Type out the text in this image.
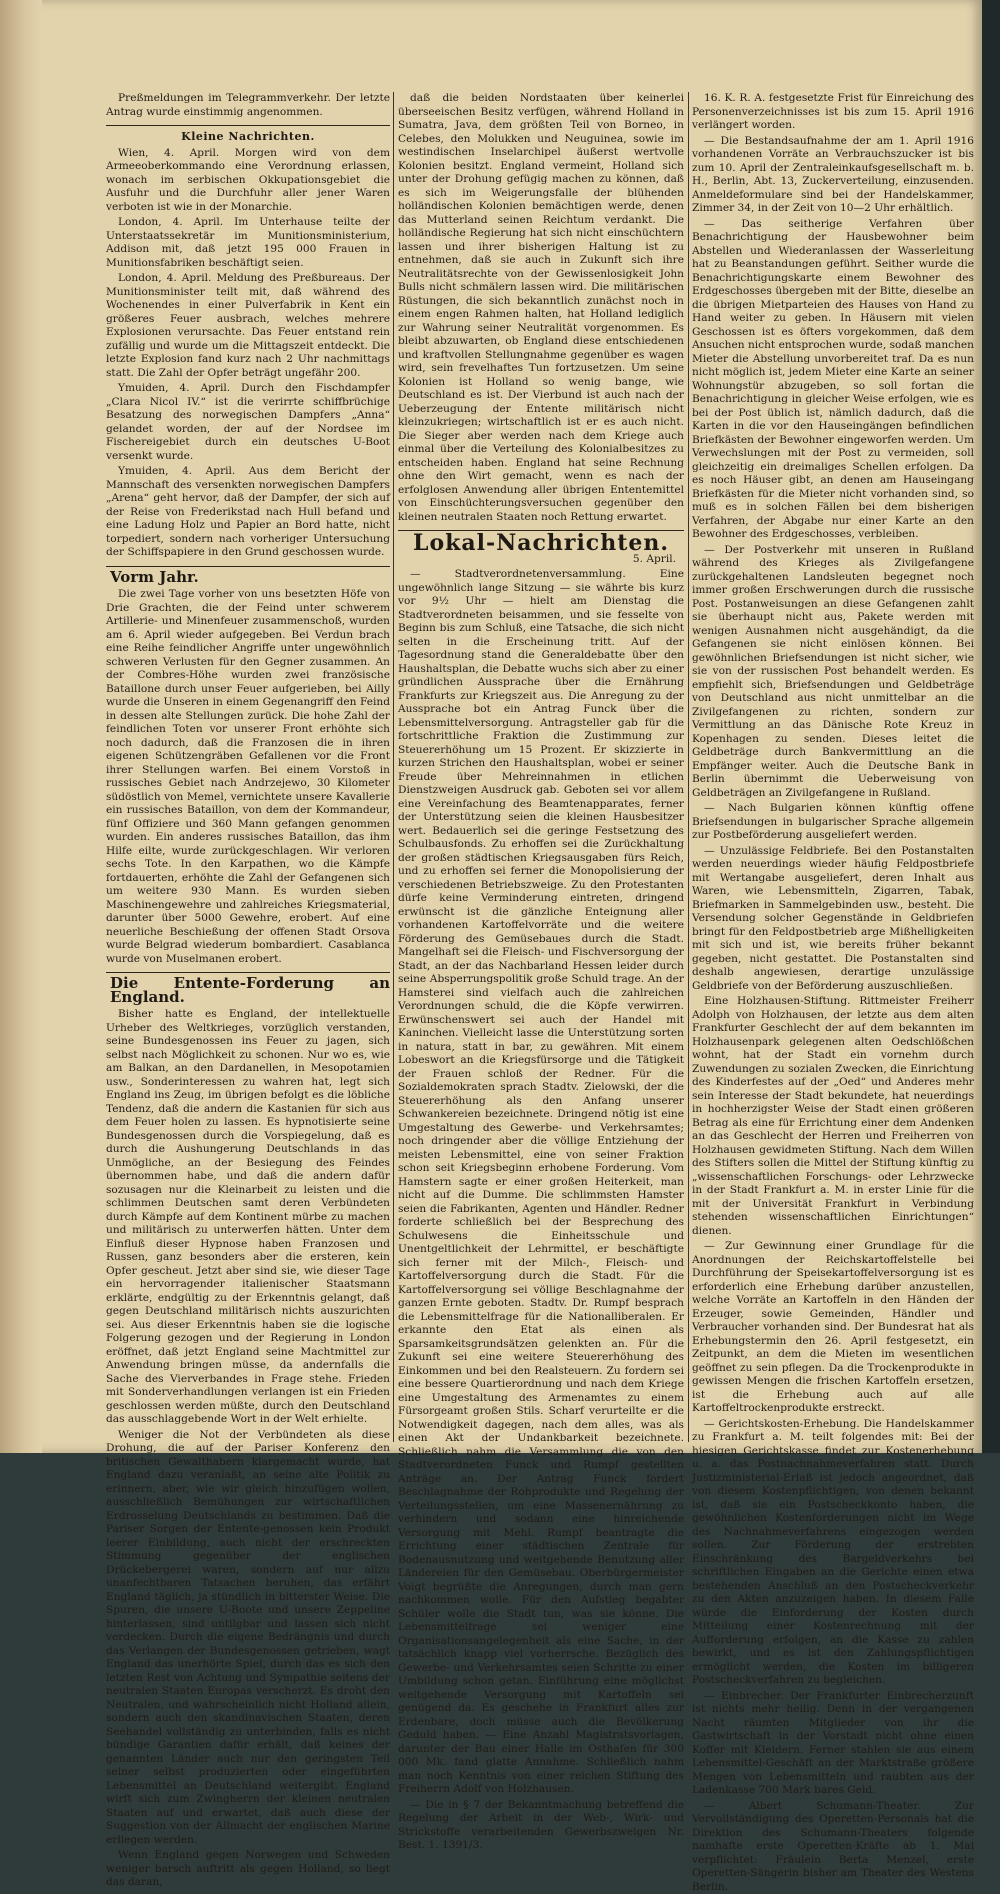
Preßmeldungen im Telegrammverkehr. Der letzte Antrag wurde einstimmig angenommen.

Kleine Nachrichten.

Wien, 4. April. Morgen wird von dem Armeeoberkommando eine Verordnung erlassen, wonach im serbischen Okkupationsgebiet die Ausfuhr und die Durchfuhr aller jener Waren verboten ist wie in der Monarchie.

London, 4. April. Im Unterhause teilte der Unterstaatssekretär im Munitionsministerium, Addison mit, daß jetzt 195 000 Frauen in Munitionsfabriken beschäftigt seien.

London, 4. April. Meldung des Preßbureaus. Der Munitionsminister teilt mit, daß während des Wochenendes in einer Pulverfabrik in Kent ein größeres Feuer ausbrach, welches mehrere Explosionen verursachte. Das Feuer entstand rein zufällig und wurde um die Mittagszeit entdeckt. Die letzte Explosion fand kurz nach 2 Uhr nachmittags statt. Die Zahl der Opfer beträgt ungefähr 200.

Ymuiden, 4. April. Durch den Fischdampfer „Clara Nicol IV.“ ist die verirrte schiffbrüchige Besatzung des norwegischen Dampfers „Anna“ gelandet worden, der auf der Nordsee im Fischereigebiet durch ein deutsches U-Boot versenkt wurde.

Ymuiden, 4. April. Aus dem Bericht der Mannschaft des versenkten norwegischen Dampfers „Arena“ geht hervor, daß der Dampfer, der sich auf der Reise von Frederikstad nach Hull befand und eine Ladung Holz und Papier an Bord hatte, nicht torpediert, sondern nach vorheriger Untersuchung der Schiffspapiere in den Grund geschossen wurde.

Vorm Jahr.

Die zwei Tage vorher von uns besetzten Höfe von Drie Grachten, die der Feind unter schwerem Artillerie- und Minenfeuer zusammenschoß, wurden am 6. April wieder aufgegeben. Bei Verdun brach eine Reihe feindlicher Angriffe unter ungewöhnlich schweren Verlusten für den Gegner zusammen. An der Combres-Höhe wurden zwei französische Bataillone durch unser Feuer aufgerieben, bei Ailly wurde die Unseren in einem Gegenangriff den Feind in dessen alte Stellungen zurück. Die hohe Zahl der feindlichen Toten vor unserer Front erhöhte sich noch dadurch, daß die Franzosen die in ihren eigenen Schützengräben Gefallenen vor die Front ihrer Stellungen warfen. Bei einem Vorstoß in russisches Gebiet nach Andrzejewo, 30 Kilometer südöstlich von Memel, vernichtete unsere Kavallerie ein russisches Bataillon, von dem der Kommandeur, fünf Offiziere und 360 Mann gefangen genommen wurden. Ein anderes russisches Bataillon, das ihm Hilfe eilte, wurde zurückgeschlagen. Wir verloren sechs Tote. In den Karpathen, wo die Kämpfe fortdauerten, erhöhte die Zahl der Gefangenen sich um weitere 930 Mann. Es wurden sieben Maschinengewehre und zahlreiches Kriegsmaterial, darunter über 5000 Gewehre, erobert. Auf eine neuerliche Beschießung der offenen Stadt Orsova wurde Belgrad wiederum bombardiert. Casablanca wurde von Muselmanen erobert.

Die Entente-Forderung an England.

Bisher hatte es England, der intellektuelle Urheber des Weltkrieges, vorzüglich verstanden, seine Bundesgenossen ins Feuer zu jagen, sich selbst nach Möglichkeit zu schonen. Nur wo es, wie am Balkan, an den Dardanellen, in Mesopotamien usw., Sonderinteressen zu wahren hat, legt sich England ins Zeug, im übrigen befolgt es die löbliche Tendenz, daß die andern die Kastanien für sich aus dem Feuer holen zu lassen. Es hypnotisierte seine Bundesgenossen durch die Vorspiegelung, daß es durch die Aushungerung Deutschlands in das Unmögliche, an der Besiegung des Feindes übernommen habe, und daß die andern dafür sozusagen nur die Kleinarbeit zu leisten und die schlimmen Deutschen samt deren Verbündeten durch Kämpfe auf dem Kontinent mürbe zu machen und militärisch zu unterwerfen hätten. Unter dem Einfluß dieser Hypnose haben Franzosen und Russen, ganz besonders aber die ersteren, kein Opfer gescheut. Jetzt aber sind sie, wie dieser Tage ein hervorragender italienischer Staatsmann erklärte, endgültig zu der Erkenntnis gelangt, daß gegen Deutschland militärisch nichts auszurichten sei. Aus dieser Erkenntnis haben sie die logische Folgerung gezogen und der Regierung in London eröffnet, daß jetzt England seine Machtmittel zur Anwendung bringen müsse, da andernfalls die Sache des Vierverbandes in Frage stehe. Frieden mit Sonderverhandlungen verlangen ist ein Frieden geschlossen werden müßte, durch den Deutschland das ausschlaggebende Wort in der Welt erhielte.

Weniger die Not der Verbündeten als diese Drohung, die auf der Pariser Konferenz den britischen Gewalthabern klargemacht wurde, hat England dazu veranlaßt, an seine alte Politik zu erinnern, aber, wie wir gleich hinzufügen wollen, ausschließlich Bemühungen zur wirtschaftlichen Erdrosselung Deutschlands zu bestimmen. Daß die Pariser Sorgen der Entente-genossen kein Produkt leerer Einbildung, auch nicht der erschreckten Stimmung gegenüber der englischen Drückebergerei waren, sondern auf nur allzu unanfechtbaren Tatsachen beruhen, das erfährt England täglich, ja stündlich in bitterster Weise. Die Spuren, die unsere U-Boote und unsere Zeppeline hinterlassen, sind untilgbar und lassen sich nicht verdecken. Durch die eigene Bedrängnis und durch das Verlangen der Bundesgenossen getrieben, wagt England das unerhörte Spiel, durch das es sich den letzten Rest von Achtung und Sympathie seitens der neutralen Staaten Europas verscherzt. Es droht den Neutralen, und wahrscheinlich nicht Holland allein, sondern auch den skandinavischen Staaten, deren Seehandel vollständig zu unterbinden, falls es nicht bündige Garantien dafür erhält, daß keines der genannten Länder auch nur den geringsten Teil seiner selbst produzierten oder eingeführten Lebensmittel an Deutschland weitergibt. England wirft sich zum Zwingherrn der kleinen neutralen Staaten auf und erwartet, daß auch diese der Suggestion von der Allmacht der englischen Marine erliegen werden.

Wenn England gegen Norwegen und Schweden weniger barsch auftritt als gegen Holland, so liegt das daran,

daß die beiden Nordstaaten über keinerlei überseeischen Besitz verfügen, während Holland in Sumatra, Java, dem größten Teil von Borneo, in Celebes, den Molukken und Neuguinea, sowie im westindischen Inselarchipel äußerst wertvolle Kolonien besitzt. England vermeint, Holland sich unter der Drohung gefügig machen zu können, daß es sich im Weigerungsfalle der blühenden holländischen Kolonien bemächtigen werde, denen das Mutterland seinen Reichtum verdankt. Die holländische Regierung hat sich nicht einschüchtern lassen und ihrer bisherigen Haltung ist zu entnehmen, daß sie auch in Zukunft sich ihre Neutralitätsrechte von der Gewissenlosigkeit John Bulls nicht schmälern lassen wird. Die militärischen Rüstungen, die sich bekanntlich zunächst noch in einem engen Rahmen halten, hat Holland lediglich zur Wahrung seiner Neutralität vorgenommen. Es bleibt abzuwarten, ob England diese entschiedenen und kraftvollen Stellungnahme gegenüber es wagen wird, sein frevelhaftes Tun fortzusetzen. Um seine Kolonien ist Holland so wenig bange, wie Deutschland es ist. Der Vierbund ist auch nach der Ueberzeugung der Entente militärisch nicht kleinzukriegen; wirtschaftlich ist er es auch nicht. Die Sieger aber werden nach dem Kriege auch einmal über die Verteilung des Kolonialbesitzes zu entscheiden haben. England hat seine Rechnung ohne den Wirt gemacht, wenn es nach der erfolglosen Anwendung aller übrigen Ententemittel von Einschüchterungsversuchen gegenüber den kleinen neutralen Staaten noch Rettung erwartet.

Lokal-Nachrichten.
5. April.

— Stadtverordnetenversammlung. Eine ungewöhnlich lange Sitzung — sie währte bis kurz vor 9½ Uhr — hielt am Dienstag die Stadtverordneten beisammen, und sie fesselte von Beginn bis zum Schluß, eine Tatsache, die sich nicht selten in die Erscheinung tritt. Auf der Tagesordnung stand die Generaldebatte über den Haushaltsplan, die Debatte wuchs sich aber zu einer gründlichen Aussprache über die Ernährung Frankfurts zur Kriegszeit aus. Die Anregung zu der Aussprache bot ein Antrag Funck über die Lebensmittelversorgung. Antragsteller gab für die fortschrittliche Fraktion die Zustimmung zur Steuererhöhung um 15 Prozent. Er skizzierte in kurzen Strichen den Haushaltsplan, wobei er seiner Freude über Mehreinnahmen in etlichen Dienstzweigen Ausdruck gab. Geboten sei vor allem eine Vereinfachung des Beamtenapparates, ferner der Unterstützung seien die kleinen Hausbesitzer wert. Bedauerlich sei die geringe Festsetzung des Schulbausfonds. Zu erhoffen sei die Zurückhaltung der großen städtischen Kriegsausgaben fürs Reich, und zu erhoffen sei ferner die Monopolisierung der verschiedenen Betriebszweige. Zu den Protestanten dürfe keine Verminderung eintreten, dringend erwünscht ist die gänzliche Enteignung aller vorhandenen Kartoffelvorräte und die weitere Förderung des Gemüsebaues durch die Stadt. Mangelhaft sei die Fleisch- und Fischversorgung der Stadt, an der das Nachbarland Hessen leider durch seine Absperrungspolitik große Schuld trage. An der Hamsterei sind vielfach auch die zahlreichen Verordnungen schuld, die die Köpfe verwirren. Erwünschenswert sei auch der Handel mit Kaninchen. Vielleicht lasse die Unterstützung sorten in natura, statt in bar, zu gewähren. Mit einem Lobeswort an die Kriegsfürsorge und die Tätigkeit der Frauen schloß der Redner. Für die Sozialdemokraten sprach Stadtv. Zielowski, der die Steuererhöhung als den Anfang unserer Schwankereien bezeichnete. Dringend nötig ist eine Umgestaltung des Gewerbe- und Verkehrsamtes; noch dringender aber die völlige Entziehung der meisten Lebensmittel, eine von seiner Fraktion schon seit Kriegsbeginn erhobene Forderung. Vom Hamstern sagte er einer großen Heiterkeit, man nicht auf die Dumme. Die schlimmsten Hamster seien die Fabrikanten, Agenten und Händler. Redner forderte schließlich bei der Besprechung des Schulwesens die Einheitsschule und Unentgeltlichkeit der Lehrmittel, er beschäftigte sich ferner mit der Milch-, Fleisch- und Kartoffelversorgung durch die Stadt. Für die Kartoffelversorgung sei völlige Beschlagnahme der ganzen Ernte geboten. Stadtv. Dr. Rumpf besprach die Lebensmittelfrage für die Nationalliberalen. Er erkannte den Etat als einen als Sparsamkeitsgrundsätzen gelenkten an. Für die Zukunft sei eine weitere Steuererhöhung des Einkommen und bei den Realsteuern. Zu fordern sei eine bessere Quartierordnung und nach dem Kriege eine Umgestaltung des Armenamtes zu einem Fürsorgeamt großen Stils. Scharf verurteilte er die Notwendigkeit dagegen, nach dem alles, was als einen Akt der Undankbarkeit bezeichnete. Schließlich nahm die Versammlung die von den Stadtverordneten Funck und Rumpf gestellten Anträge an. Der Antrag Funck fordert Beschlagnahme der Rohprodukte und Regelung der Verteilungsstellen, um eine Massenernährung zu verhindern und sodann eine hinreichende Versorgung mit Mehl. Rumpf beantragte die Errichtung einer städtischen Zentrale für Bodenausnutzung und weitgehende Benutzung aller Ländereien für den Gemüsebau. Oberbürgermeister Voigt begrüßte die Anregungen, durch man gern nachkommen wolle. Für den Aufstieg begabter Schüler wolle die Stadt tun, was sie könne. Die Lebensmittelfrage sei weniger eine Organisationsangelegenheit als eine Sache, in der tatsächlich knapp viel vorherrsche. Bezüglich des Gewerbe- und Verkehrsamtes seien Schritte zu einer Umbildung schon getan. Einführung eine möglichst weitgehende Versorgung mit Kartoffeln sei genügend da. Es geschehe in Frankfurt alles zur Erdenbare, doch müsse auch die Bevölkerung Geduld haben. — Eine Anzahl Magistratsvorlagen, darunter der Bau einer Halle im Osthafen für 300 000 Mk. fand glatte Annahme. Schließlich nahm man noch Kenntnis von einer reichen Stiftung des Freiherrn Adolf von Holzhausen.

— Die in § 7 der Bekanntmachung betreffend die Regelung der Arbeit in der Web-, Wirk- und Strickstoffe verarbeitenden Gewerbszweigen Nr. Best. 1. 1391/3.

16. K. R. A. festgesetzte Frist für Einreichung des Personenverzeichnisses ist bis zum 15. April 1916 verlängert worden.

— Die Bestandsaufnahme der am 1. April 1916 vorhandenen Vorräte an Verbrauchszucker ist bis zum 10. April der Zentraleinkaufsgesellschaft m. b. H., Berlin, Abt. 13, Zuckerverteilung, einzusenden. Anmeldeformulare sind bei der Handelskammer, Zimmer 34, in der Zeit von 10—2 Uhr erhältlich.

— Das seitherige Verfahren über Benachrichtigung der Hausbewohner beim Abstellen und Wiederanlassen der Wasserleitung hat zu Beanstandungen geführt. Seither wurde die Benachrichtigungskarte einem Bewohner des Erdgeschosses übergeben mit der Bitte, dieselbe an die übrigen Mietparteien des Hauses von Hand zu Hand weiter zu geben. In Häusern mit vielen Geschossen ist es öfters vorgekommen, daß dem Ansuchen nicht entsprochen wurde, sodaß manchen Mieter die Abstellung unvorbereitet traf. Da es nun nicht möglich ist, jedem Mieter eine Karte an seiner Wohnungstür abzugeben, so soll fortan die Benachrichtigung in gleicher Weise erfolgen, wie es bei der Post üblich ist, nämlich dadurch, daß die Karten in die vor den Hauseingängen befindlichen Briefkästen der Bewohner eingeworfen werden. Um Verwechslungen mit der Post zu vermeiden, soll gleichzeitig ein dreimaliges Schellen erfolgen. Da es noch Häuser gibt, an denen am Hauseingang Briefkästen für die Mieter nicht vorhanden sind, so muß es in solchen Fällen bei dem bisherigen Verfahren, der Abgabe nur einer Karte an den Bewohner des Erdgeschosses, verbleiben.

— Der Postverkehr mit unseren in Rußland während des Krieges als Zivilgefangene zurückgehaltenen Landsleuten begegnet noch immer großen Erschwerungen durch die russische Post. Postanweisungen an diese Gefangenen zahlt sie überhaupt nicht aus, Pakete werden mit wenigen Ausnahmen nicht ausgehändigt, da die Gefangenen sie nicht einlösen können. Bei gewöhnlichen Briefsendungen ist nicht sicher, wie sie von der russischen Post behandelt werden. Es empfiehlt sich, Briefsendungen und Geldbeträge von Deutschland aus nicht unmittelbar an die Zivilgefangenen zu richten, sondern zur Vermittlung an das Dänische Rote Kreuz in Kopenhagen zu senden. Dieses leitet die Geldbeträge durch Bankvermittlung an die Empfänger weiter. Auch die Deutsche Bank in Berlin übernimmt die Ueberweisung von Geldbeträgen an Zivilgefangene in Rußland.

— Nach Bulgarien können künftig offene Briefsendungen in bulgarischer Sprache allgemein zur Postbeförderung ausgeliefert werden.

— Unzulässige Feldbriefe. Bei den Postanstalten werden neuerdings wieder häufig Feldpostbriefe mit Wertangabe ausgeliefert, deren Inhalt aus Waren, wie Lebensmitteln, Zigarren, Tabak, Briefmarken in Sammelgebinden usw., besteht. Die Versendung solcher Gegenstände in Geldbriefen bringt für den Feldpostbetrieb arge Mißhelligkeiten mit sich und ist, wie bereits früher bekannt gegeben, nicht gestattet. Die Postanstalten sind deshalb angewiesen, derartige unzulässige Geldbriefe von der Beförderung auszuschließen.

Eine Holzhausen-Stiftung. Rittmeister Freiherr Adolph von Holzhausen, der letzte aus dem alten Frankfurter Geschlecht der auf dem bekannten im Holzhausenpark gelegenen alten Oedschlößchen wohnt, hat der Stadt ein vornehm durch Zuwendungen zu sozialen Zwecken, die Einrichtung des Kinderfestes auf der „Oed“ und Anderes mehr sein Interesse der Stadt bekundete, hat neuerdings in hochherzigster Weise der Stadt einen größeren Betrag als eine für Errichtung einer dem Andenken an das Geschlecht der Herren und Freiherren von Holzhausen gewidmeten Stiftung. Nach dem Willen des Stifters sollen die Mittel der Stiftung künftig zu „wissenschaftlichen Forschungs- oder Lehrzwecke in der Stadt Frankfurt a. M. in erster Linie für die mit der Universität Frankfurt in Verbindung stehenden wissenschaftlichen Einrichtungen“ dienen.

— Zur Gewinnung einer Grundlage für die Anordnungen der Reichskartoffelstelle bei Durchführung der Speisekartoffelversorgung ist es erforderlich eine Erhebung darüber anzustellen, welche Vorräte an Kartoffeln in den Händen der Erzeuger, sowie Gemeinden, Händler und Verbraucher vorhanden sind. Der Bundesrat hat als Erhebungstermin den 26. April festgesetzt, ein Zeitpunkt, an dem die Mieten im wesentlichen geöffnet zu sein pflegen. Da die Trockenprodukte in gewissen Mengen die frischen Kartoffeln ersetzen, ist die Erhebung auch auf alle Kartoffeltrockenprodukte erstreckt.

— Gerichtskosten-Erhebung. Die Handelskammer zu Frankfurt a. M. teilt folgendes mit: Bei der hiesigen Gerichtskasse findet zur Kostenerhebung u. a. das Postnachnahmeverfahren statt. Durch Justizministerial-Erlaß ist jedoch angeordnet, daß von diesem Kostenpflichtigen, von denen bekannt ist, daß sie ein Postscheckkonto haben, die gewöhnlichen Kostenforderungen nicht im Wege des Nachnahmeverfahrens eingezogen werden sollen. Zur Förderung der erstrebten Einschränkung des Bargeldverkehrs bei schriftlichen Eingaben an die Gerichte einen etwa bestehenden Anschluß an den Postscheckverkehr zu den Akten anzuzeigen haben. In diesem Falle würde die Einforderung der Kosten durch Mitteilung einer Kostenrechnung mit der Aufforderung erfolgen, an die Kasse zu zahlen bewirkt, und es ist den Zahlungspflichtigen ermöglicht werden, die Kosten im billigeren Postscheckverfahren zu begleichen.

— Einbrecher. Der Frankfurter Einbrecherzunft ist nichts mehr heilig. Denn in der vergangenen Nacht räumten Mitglieder von ihr die Gastwirtschaft in der Vorstadt nicht ohne einen Koffer mit Kleidern. Ferner stahlen sie aus einem Lebensmittel-Geschäft an der Marktstraße größere Mengen von Lebensmitteln und raubten aus der Ladenkasse 700 Mark bares Geld.

— Albert Schumann-Theater. Zur Vervollständigung des Operetten-Personals hat die Direktion des Schumann-Theaters folgende namhafte erste Operetten-Kräfte ab 1. Mai verpflichtet: Fräulein Berta Menzel, erste Operetten-Sängerin bisher am Theater des Westens Berlin.
